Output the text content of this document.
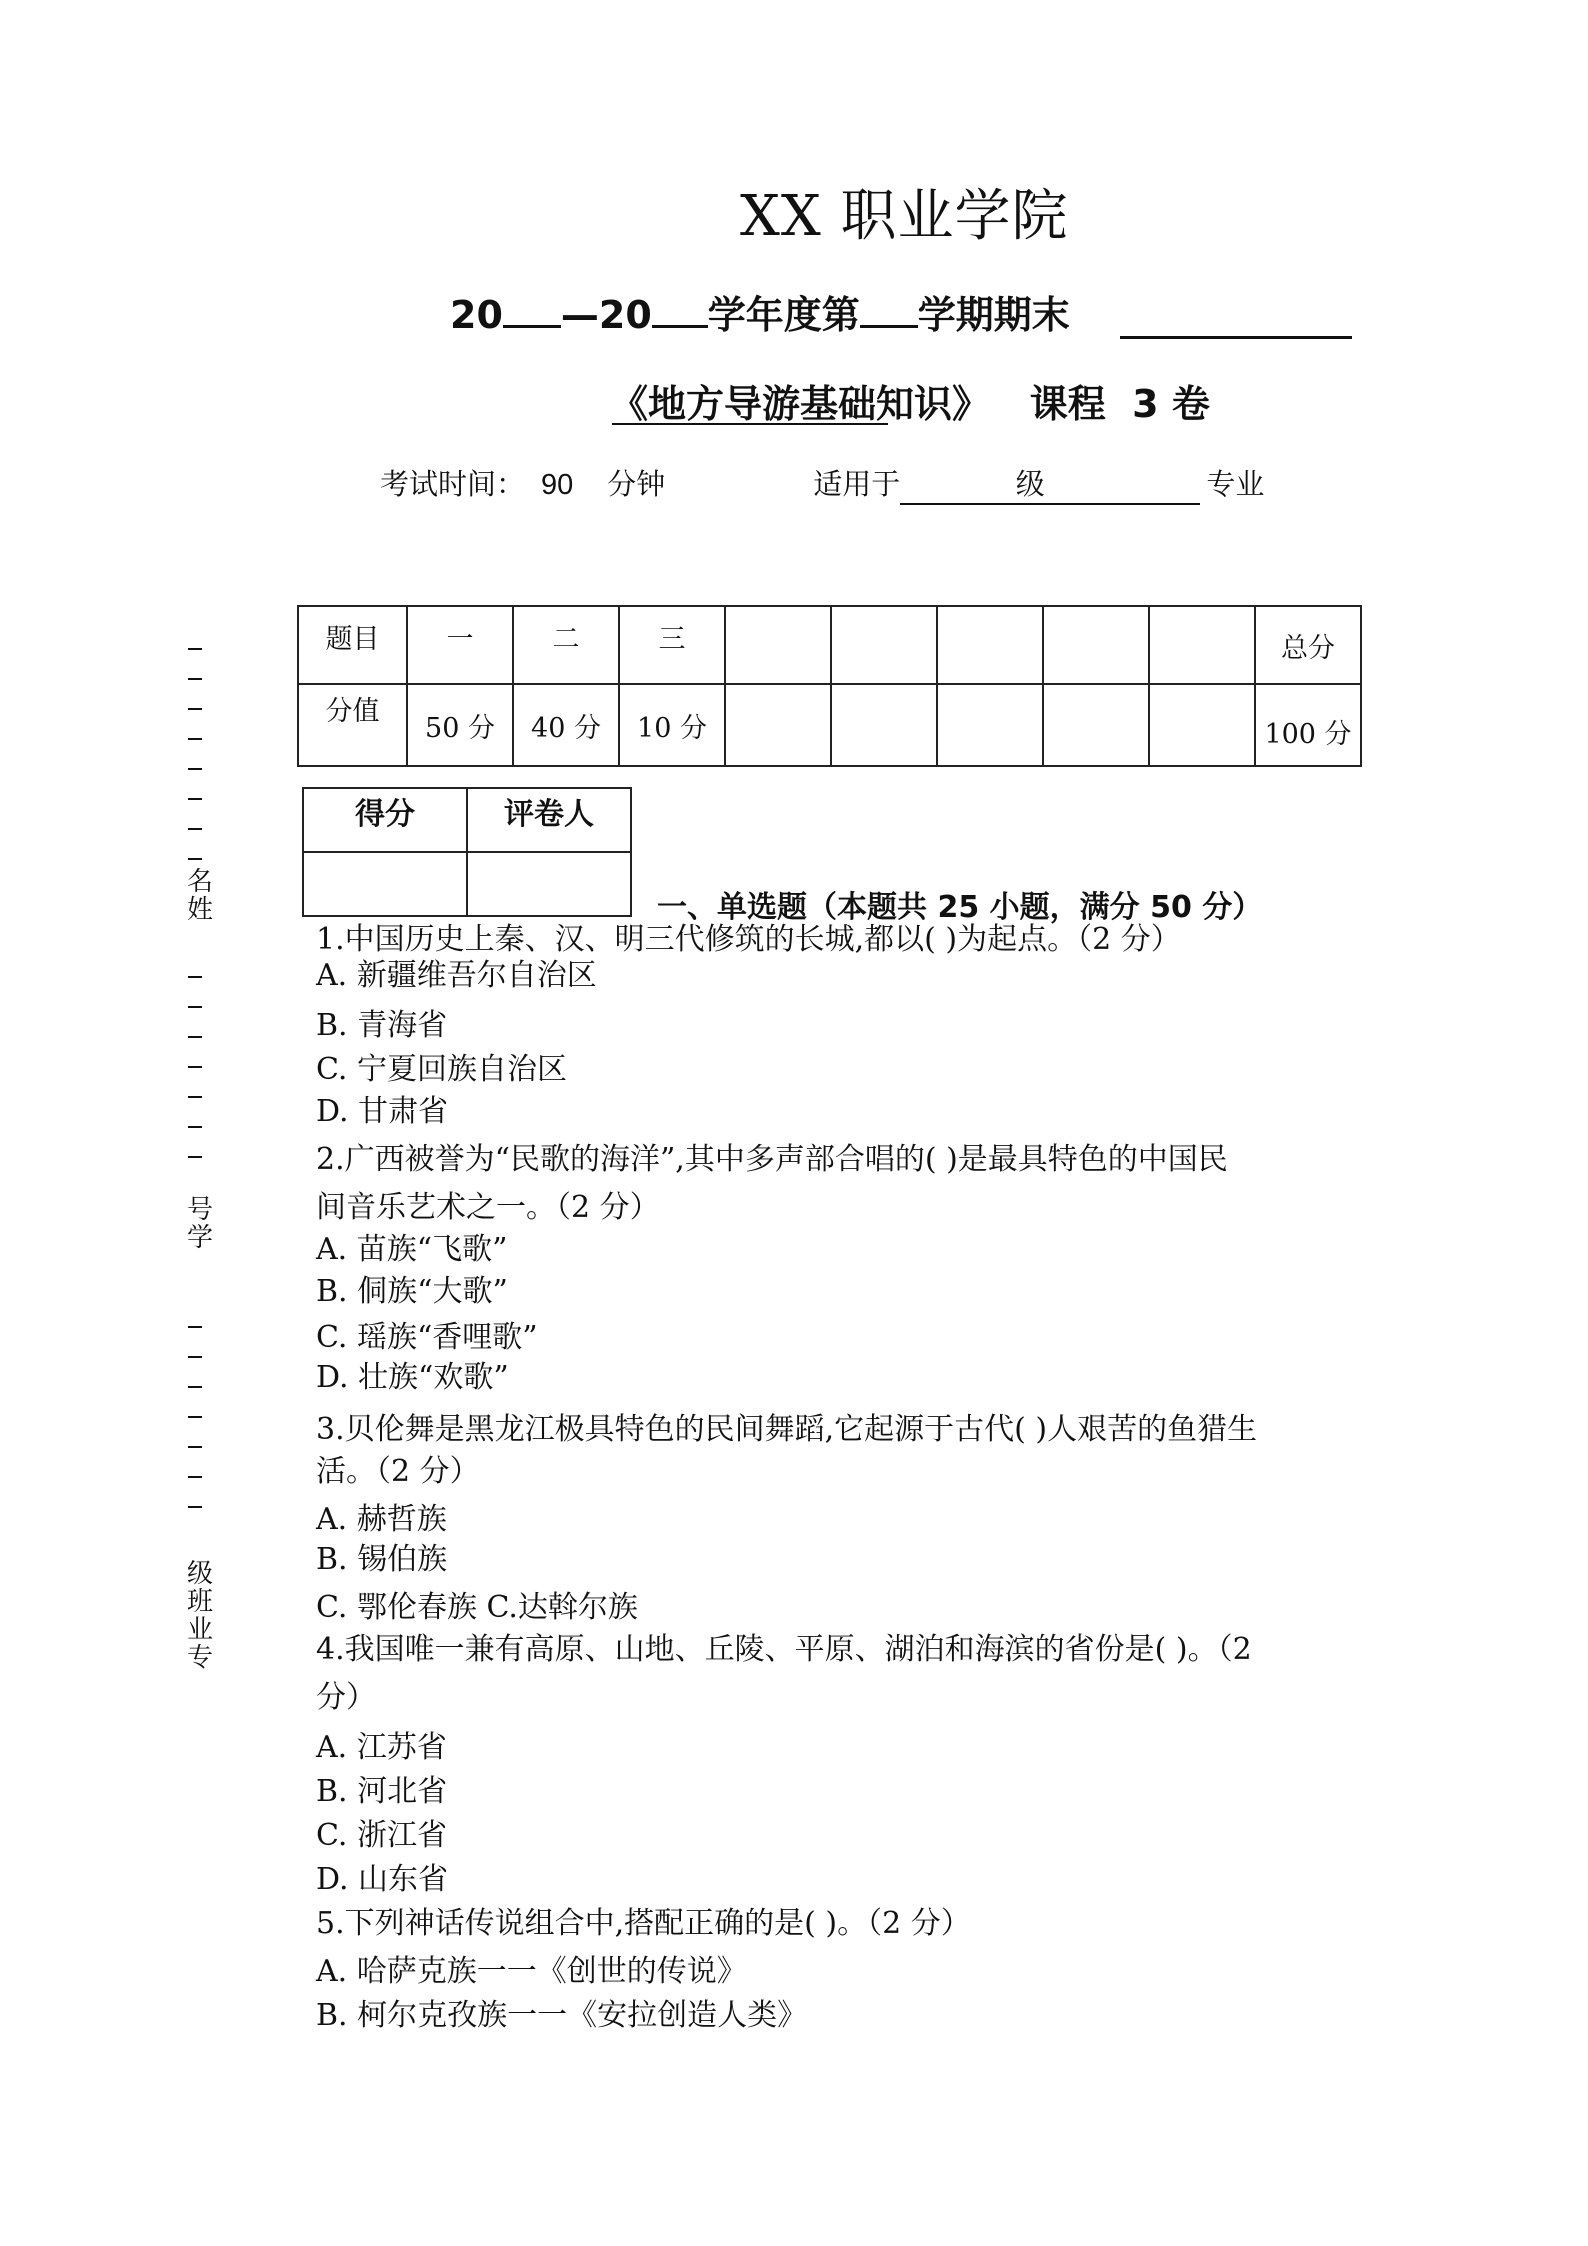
XX 职业学院
20 —20 学年度第 学期期末
《地方导游基础知识》   课程  3 卷
考试时间： 90 分钟	适用于	级	专业
题目	一	二	三						总分
分值	50 分	40 分	10 分						100 分
得分	评卷人

名
姓
号
学
级
班
业
专
一、单选题（本题共 25 小题，满分 50 分）
1.中国历史上秦、汉、明三代修筑的长城,都以( )为起点。（2 分）
A. 新疆维吾尔自治区
B. 青海省
C. 宁夏回族自治区
D. 甘肃省
2.广西被誉为“民歌的海洋”,其中多声部合唱的( )是最具特色的中国民
间音乐艺术之一。（2 分）
A. 苗族“飞歌”
B. 侗族“大歌”
C. 瑶族“香哩歌”
D. 壮族“欢歌”
3.贝伦舞是黑龙江极具特色的民间舞蹈,它起源于古代( )人艰苦的鱼猎生
活。（2 分）
A. 赫哲族
B. 锡伯族
C. 鄂伦春族 C.达斡尔族
4.我国唯一兼有高原、山地、丘陵、平原、湖泊和海滨的省份是( )。（2
分）
A. 江苏省
B. 河北省
C. 浙江省
D. 山东省
5.下列神话传说组合中,搭配正确的是( )。（2 分）
A. 哈萨克族一一《创世的传说》
B. 柯尔克孜族一一《安拉创造人类》
